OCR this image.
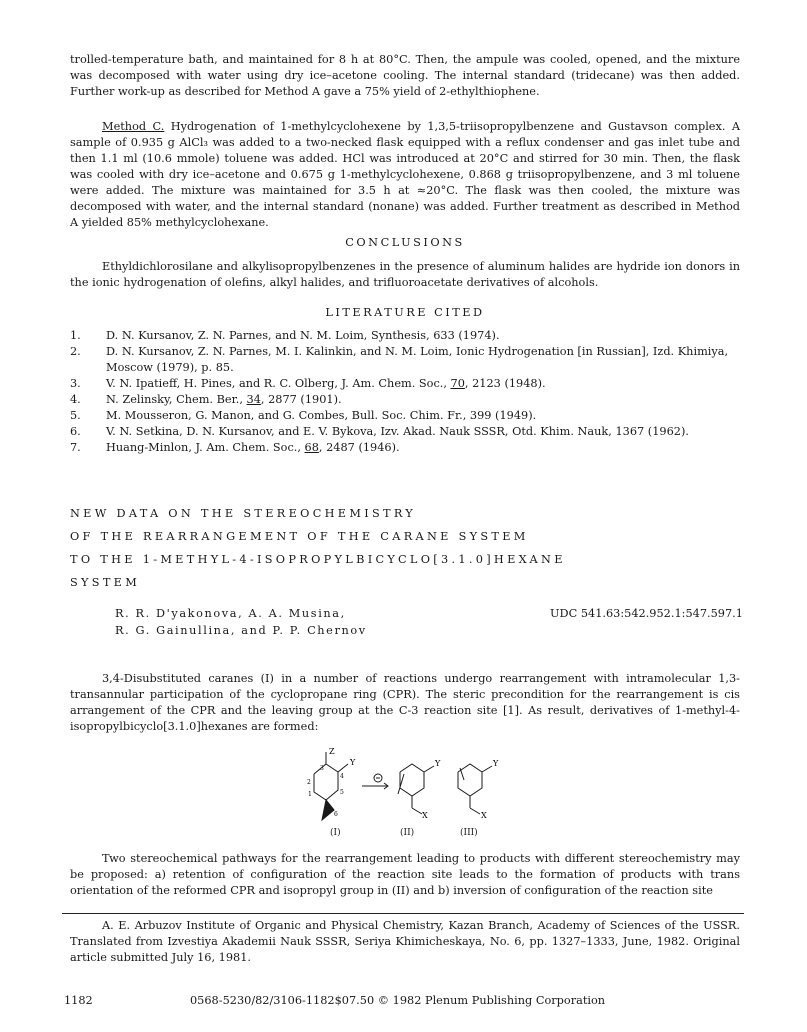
trolled-temperature bath, and maintained for 8 h at 80°C. Then, the ampule was cooled, opened, and the mixture was decomposed with water using dry ice–acetone cooling. The internal standard (tridecane) was then added. Further work-up as described for Method A gave a 75% yield of 2-ethylthiophene.

Method C. Hydrogenation of 1-methylcyclohexene by 1,3,5-triisopropylbenzene and Gustavson complex. A sample of 0.935 g AlCl₃ was added to a two-necked flask equipped with a reflux condenser and gas inlet tube and then 1.1 ml (10.6 mmole) toluene was added. HCl was introduced at 20°C and stirred for 30 min. Then, the flask was cooled with dry ice–acetone and 0.675 g 1-methylcyclohexene, 0.868 g triisopropylbenzene, and 3 ml toluene were added. The mixture was maintained for 3.5 h at ≈20°C. The flask was then cooled, the mixture was decomposed with water, and the internal standard (nonane) was added. Further treatment as described in Method A yielded 85% methylcyclohexane.

CONCLUSIONS

Ethyldichlorosilane and alkylisopropylbenzenes in the presence of aluminum halides are hydride ion donors in the ionic hydrogenation of olefins, alkyl halides, and trifluoroacetate derivatives of alcohols.

LITERATURE CITED

1.	D. N. Kursanov, Z. N. Parnes, and N. M. Loim, Synthesis, 633 (1974).
2.	D. N. Kursanov, Z. N. Parnes, M. I. Kalinkin, and N. M. Loim, Ionic Hydrogenation [in Russian], Izd. Khimiya, Moscow (1979), p. 85.
3.	V. N. Ipatieff, H. Pines, and R. C. Olberg, J. Am. Chem. Soc., 70, 2123 (1948).
4.	N. Zelinsky, Chem. Ber., 34, 2877 (1901).
5.	M. Mousseron, G. Manon, and G. Combes, Bull. Soc. Chim. Fr., 399 (1949).
6.	V. N. Setkina, D. N. Kursanov, and E. V. Bykova, Izv. Akad. Nauk SSSR, Otd. Khim. Nauk, 1367 (1962).
7.	Huang-Minlon, J. Am. Chem. Soc., 68, 2487 (1946).

NEW DATA ON THE STEREOCHEMISTRY

OF THE REARRANGEMENT OF THE CARANE SYSTEM

TO THE 1-METHYL-4-ISOPROPYLBICYCLO[3.1.0]HEXANE

SYSTEM

R. R. D'yakonova, A. A. Musina,

R. G. Gainullina, and P. P. Chernov

UDC 541.63:542.952.1:547.597.1

3,4-Disubstituted caranes (I) in a number of reactions undergo rearrangement with intramolecular 1,3-transannular participation of the cyclopropane ring (CPR). The steric precondition for the rearrangement is cis arrangement of the CPR and the leaving group at the C-3 reaction site [1]. As result, derivatives of 1-methyl-4-isopropylbicyclo[3.1.0]hexanes are formed:

Z
Y
3
4
2
1	5
6
Y
X
Y
X

(I)	(II)	(III)

Two stereochemical pathways for the rearrangement leading to products with different stereochemistry may be proposed: a) retention of configuration of the reaction site leads to the formation of products with trans orientation of the reformed CPR and isopropyl group in (II) and b) inversion of configuration of the reaction site

A. E. Arbuzov Institute of Organic and Physical Chemistry, Kazan Branch, Academy of Sciences of the USSR. Translated from Izvestiya Akademii Nauk SSSR, Seriya Khimicheskaya, No. 6, pp. 1327–1333, June, 1982. Original article submitted July 16, 1981.

1182	0568-5230/82/3106-1182$07.50 © 1982 Plenum Publishing Corporation
